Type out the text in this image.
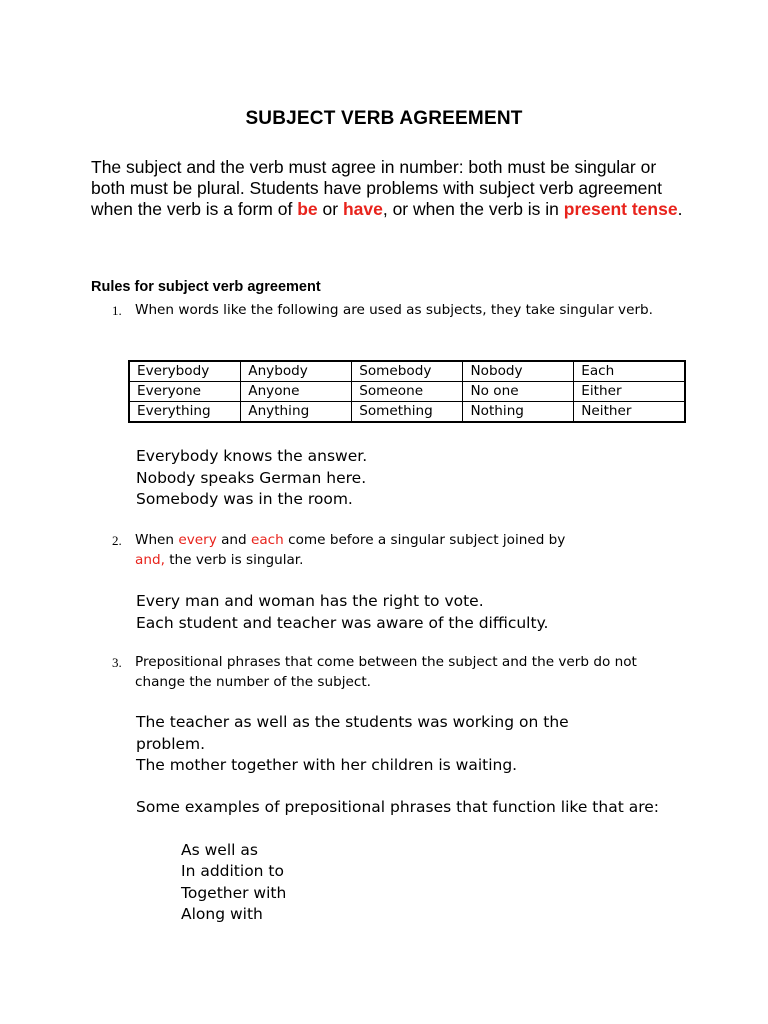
SUBJECT VERB AGREEMENT
The subject and the verb must agree in number: both must be singular or both must be plural. Students have problems with subject verb agreement when the verb is a form of be or have, or when the verb is in present tense.
Rules for subject verb agreement
1. When words like the following are used as subjects, they take singular verb.
Everybody	Anybody	Somebody	Nobody	Each
Everyone	Anyone	Someone	No one	Either
Everything	Anything	Something	Nothing	Neither
Everybody knows the answer.
Nobody speaks German here.
Somebody was in the room.
2. When every and each come before a singular subject joined by and, the verb is singular.
Every man and woman has the right to vote.
Each student and teacher was aware of the difficulty.
3. Prepositional phrases that come between the subject and the verb do not change the number of the subject.
The teacher as well as the students was working on the problem.
The mother together with her children is waiting.
Some examples of prepositional phrases that function like that are:
As well as
In addition to
Together with
Along with
